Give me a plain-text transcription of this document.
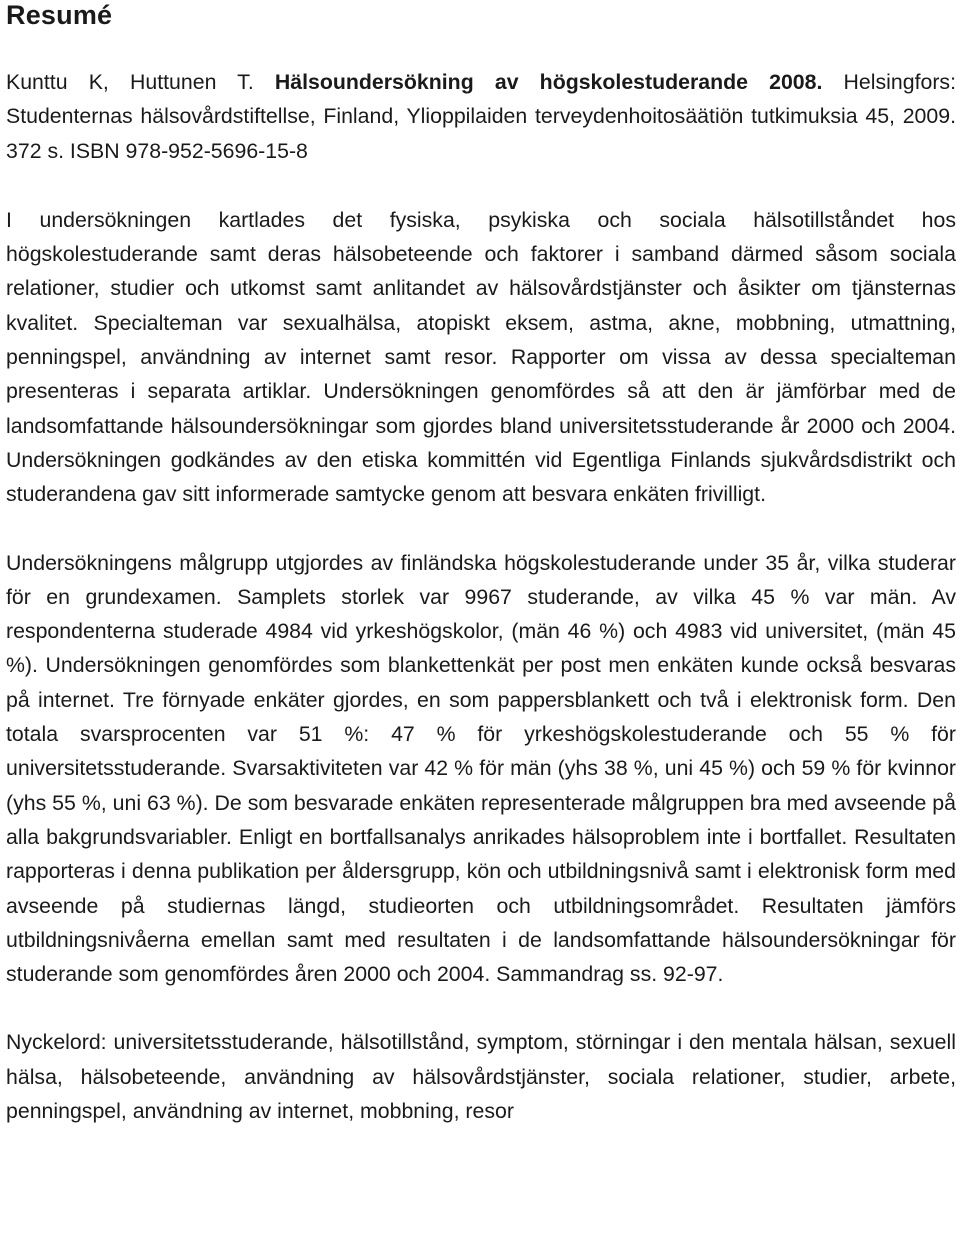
Resumé

Kunttu K, Huttunen T. Hälsoundersökning av högskolestuderande 2008. Helsingfors: Studenternas hälsovårdstiftellse, Finland, Ylioppilaiden terveydenhoitosäätiön tutkimuksia 45, 2009. 372 s. ISBN 978-952-5696-15-8

I undersökningen kartlades det fysiska, psykiska och sociala hälsotillståndet hos högskolestuderande samt deras hälsobeteende och faktorer i samband därmed såsom sociala relationer, studier och utkomst samt anlitandet av hälsovårdstjänster och åsikter om tjänsternas kvalitet. Specialteman var sexualhälsa, atopiskt eksem, astma, akne, mobbning, utmattning, penningspel, användning av internet samt resor. Rapporter om vissa av dessa specialteman presenteras i separata artiklar. Undersökningen genomfördes så att den är jämförbar med de landsomfattande hälsoundersökningar som gjordes bland universitetsstuderande år 2000 och 2004. Undersökningen godkändes av den etiska kommittén vid Egentliga Finlands sjukvårdsdistrikt och studerandena gav sitt informerade samtycke genom att besvara enkäten frivilligt.

Undersökningens målgrupp utgjordes av finländska högskolestuderande under 35 år, vilka studerar för en grundexamen. Samplets storlek var 9967 studerande, av vilka 45 % var män. Av respondenterna studerade 4984 vid yrkeshögskolor, (män 46 %) och 4983 vid universitet, (män 45 %). Undersökningen genomfördes som blankettenkät per post men enkäten kunde också besvaras på internet. Tre förnyade enkäter gjordes, en som pappersblankett och två i elektronisk form. Den totala svarsprocenten var 51 %: 47 % för yrkeshögskolestuderande och 55 % för universitetsstuderande. Svarsaktiviteten var 42 % för män (yhs 38 %, uni 45 %) och 59 % för kvinnor (yhs 55 %, uni 63 %). De som besvarade enkäten representerade målgruppen bra med avseende på alla bakgrundsvariabler. Enligt en bortfallsanalys anrikades hälsoproblem inte i bortfallet. Resultaten rapporteras i denna publikation per åldersgrupp, kön och utbildningsnivå samt i elektronisk form med avseende på studiernas längd, studieorten och utbildningsområdet. Resultaten jämförs utbildningsnivåerna emellan samt med resultaten i de landsomfattande hälsoundersökningar för studerande som genomfördes åren 2000 och 2004. Sammandrag ss. 92-97.

Nyckelord: universitetsstuderande, hälsotillstånd, symptom, störningar i den mentala hälsan, sexuell hälsa, hälsobeteende, användning av hälsovårdstjänster, sociala relationer, studier, arbete, penningspel, användning av internet, mobbning, resor
